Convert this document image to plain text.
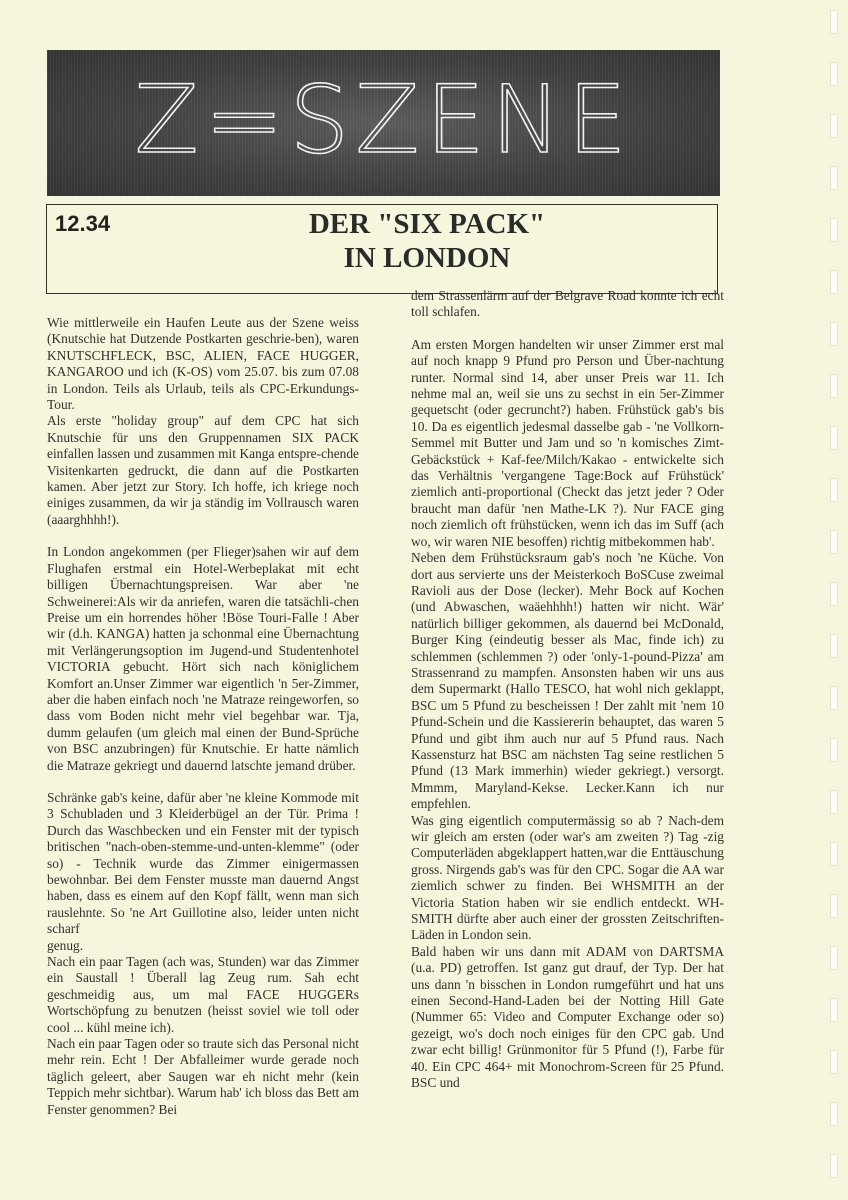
Z=SZENE
12.34	DER "SIX PACK"
IN LONDON

Wie mittlerweile ein Haufen Leute aus der Szene weiss (Knutschie hat Dutzende Postkarten geschrie-ben), waren KNUTSCHFLECK, BSC, ALIEN, FACE HUGGER, KANGAROO und ich (K-OS) vom 25.07. bis zum 07.08 in London. Teils als Urlaub, teils als CPC-Erkundungs-Tour.

Als erste "holiday group" auf dem CPC hat sich Knutschie für uns den Gruppennamen SIX PACK einfallen lassen und zusammen mit Kanga entspre-chende Visitenkarten gedruckt, die dann auf die Postkarten kamen. Aber jetzt zur Story. Ich hoffe, ich kriege noch einiges zusammen, da wir ja ständig im Vollrausch waren (aaarghhhh!).

In London angekommen (per Flieger)sahen wir auf dem Flughafen erstmal ein Hotel-Werbeplakat mit echt billigen Übernachtungspreisen. War aber 'ne Schweinerei:Als wir da anriefen, waren die tatsächli-chen Preise um ein horrendes höher !Böse Touri-Falle ! Aber wir (d.h. KANGA) hatten ja schonmal eine Übernachtung mit Verlängerungsoption im Jugend-und Studentenhotel VICTORIA gebucht. Hört sich nach königlichem Komfort an.Unser Zimmer war eigentlich 'n 5er-Zimmer, aber die haben einfach noch 'ne Matraze reingeworfen, so dass vom Boden nicht mehr viel begehbar war. Tja, dumm gelaufen (um gleich mal einen der Bund-Sprüche von BSC anzubringen) für Knutschie. Er hatte nämlich die Matraze gekriegt und dauernd latschte jemand drüber.

Schränke gab's keine, dafür aber 'ne kleine Kommode mit 3 Schubladen und 3 Kleiderbügel an der Tür. Prima ! Durch das Waschbecken und ein Fenster mit der typisch britischen "nach-oben-stemme-und-unten-klemme" (oder so) - Technik wurde das Zimmer einigermassen bewohnbar. Bei dem Fenster musste man dauernd Angst haben, dass es einem auf den Kopf fällt, wenn man sich rauslehnte. So 'ne Art Guillotine also, leider unten nicht scharf
genug.

Nach ein paar Tagen (ach was, Stunden) war das Zimmer ein Saustall ! Überall lag Zeug rum. Sah echt geschmeidig aus, um mal FACE HUGGERs Wortschöpfung zu benutzen (heisst soviel wie toll oder cool ... kühl meine ich).

Nach ein paar Tagen oder so traute sich das Personal nicht mehr rein. Echt ! Der Abfalleimer wurde gerade noch täglich geleert, aber Saugen war eh nicht mehr (kein Teppich mehr sichtbar). Warum hab' ich bloss das Bett am Fenster genommen? Bei

dem Strassenlärm auf der Belgrave Road konnte ich echt toll schlafen.

Am ersten Morgen handelten wir unser Zimmer erst mal auf noch knapp 9 Pfund pro Person und Über-nachtung runter. Normal sind 14, aber unser Preis war 11. Ich nehme mal an, weil sie uns zu sechst in ein 5er-Zimmer gequetscht (oder gecruncht?) haben. Frühstück gab's bis 10. Da es eigentlich jedesmal dasselbe gab - 'ne Vollkorn-Semmel mit Butter und Jam und so 'n komisches Zimt-Gebäckstück + Kaf-fee/Milch/Kakao - entwickelte sich das Verhältnis 'vergangene Tage:Bock auf Frühstück' ziemlich anti-proportional (Checkt das jetzt jeder ? Oder braucht man dafür 'nen Mathe-LK ?). Nur FACE ging noch ziemlich oft frühstücken, wenn ich das im Suff (ach wo, wir waren NIE besoffen) richtig mitbekommen hab'.

Neben dem Frühstücksraum gab's noch 'ne Küche. Von dort aus servierte uns der Meisterkoch BoSCuse zweimal Ravioli aus der Dose (lecker). Mehr Bock auf Kochen (und Abwaschen, waäehhhh!) hatten wir nicht. Wär' natürlich billiger gekommen, als dauernd bei McDonald, Burger King (eindeutig besser als Mac, finde ich) zu schlemmen (schlemmen ?) oder 'only-1-pound-Pizza' am Strassenrand zu mampfen. Ansonsten haben wir uns aus dem Supermarkt (Hallo TESCO, hat wohl nich geklappt, BSC um 5 Pfund zu bescheissen ! Der zahlt mit 'nem 10 Pfund-Schein und die Kassiererin behauptet, das waren 5 Pfund und gibt ihm auch nur auf 5 Pfund raus. Nach Kassensturz hat BSC am nächsten Tag seine restlichen 5 Pfund (13 Mark immerhin) wieder gekriegt.) versorgt. Mmmm, Maryland-Kekse. Lecker.Kann ich nur empfehlen.

Was ging eigentlich computermässig so ab ? Nach-dem wir gleich am ersten (oder war's am zweiten ?) Tag -zig Computerläden abgeklappert hatten,war die Enttäuschung gross. Nirgends gab's was für den CPC. Sogar die AA war ziemlich schwer zu finden. Bei WHSMITH an der Victoria Station haben wir sie endlich entdeckt. WH-SMITH dürfte aber auch einer der grossten Zeitschriften-Läden in London sein.

Bald haben wir uns dann mit ADAM von DARTSMA (u.a. PD) getroffen. Ist ganz gut drauf, der Typ. Der hat uns dann 'n bisschen in London rumgeführt und hat uns einen Second-Hand-Laden bei der Notting Hill Gate (Nummer 65: Video and Computer Exchange oder so) gezeigt, wo's doch noch einiges für den CPC gab. Und zwar echt billig! Grünmonitor für 5 Pfund (!), Farbe für 40. Ein CPC 464+ mit Monochrom-Screen für 25 Pfund. BSC und
